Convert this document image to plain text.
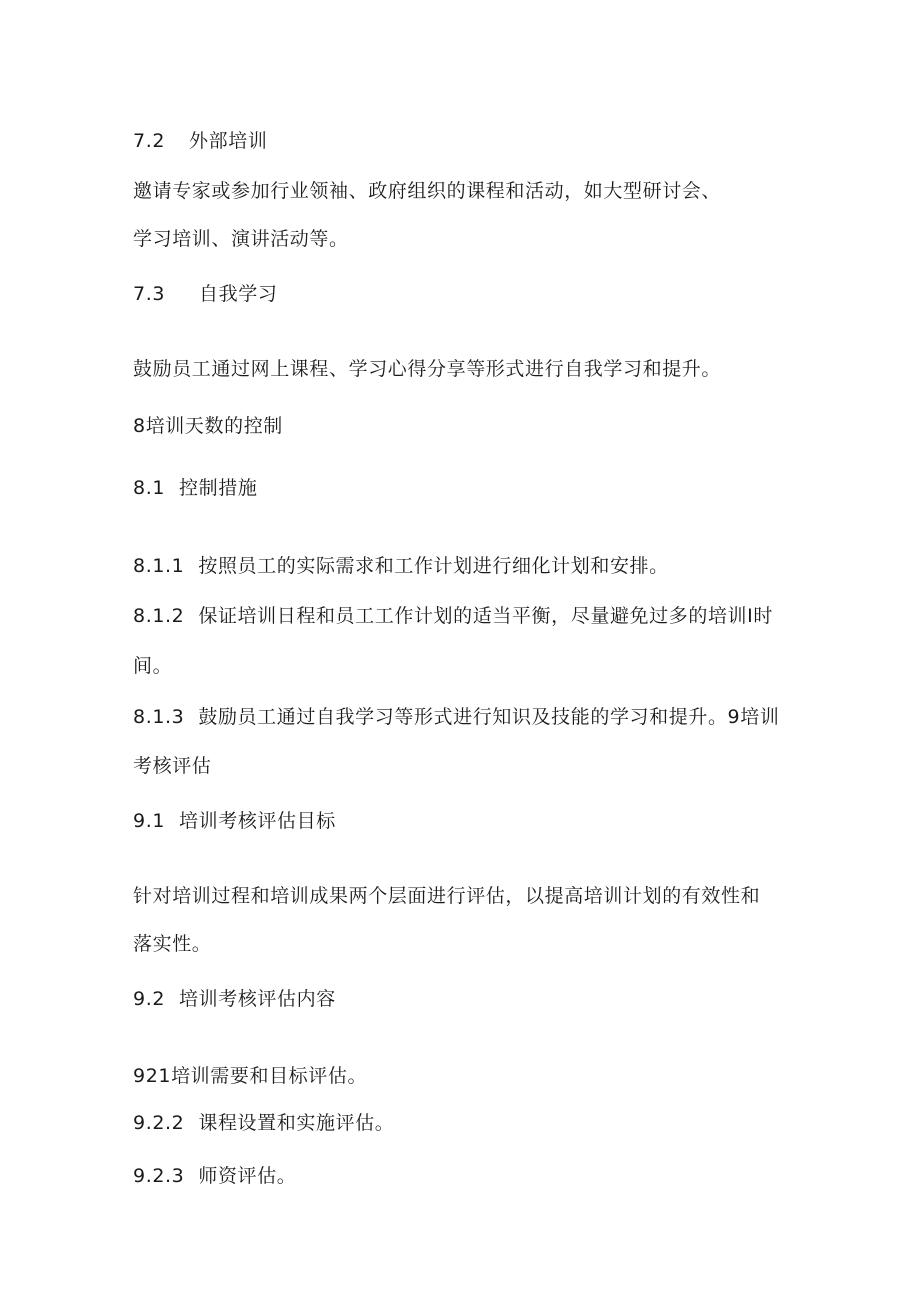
7.2 外部培训

邀请专家或参加行业领袖、政府组织的课程和活动，如大型研讨会、

学习培训、演讲活动等。

7.3 自我学习

鼓励员工通过网上课程、学习心得分享等形式进行自我学习和提升。

8培训天数的控制

8.1 控制措施

8.1.1 按照员工的实际需求和工作计划进行细化计划和安排。

8.1.2 保证培训日程和员工工作计划的适当平衡，尽量避免过多的培训I时

间。

8.1.3 鼓励员工通过自我学习等形式进行知识及技能的学习和提升。9培训

考核评估

9.1 培训考核评估目标

针对培训过程和培训成果两个层面进行评估，以提高培训计划的有效性和

落实性。

9.2 培训考核评估内容

921培训需要和目标评估。

9.2.2 课程设置和实施评估。

9.2.3 师资评估。
